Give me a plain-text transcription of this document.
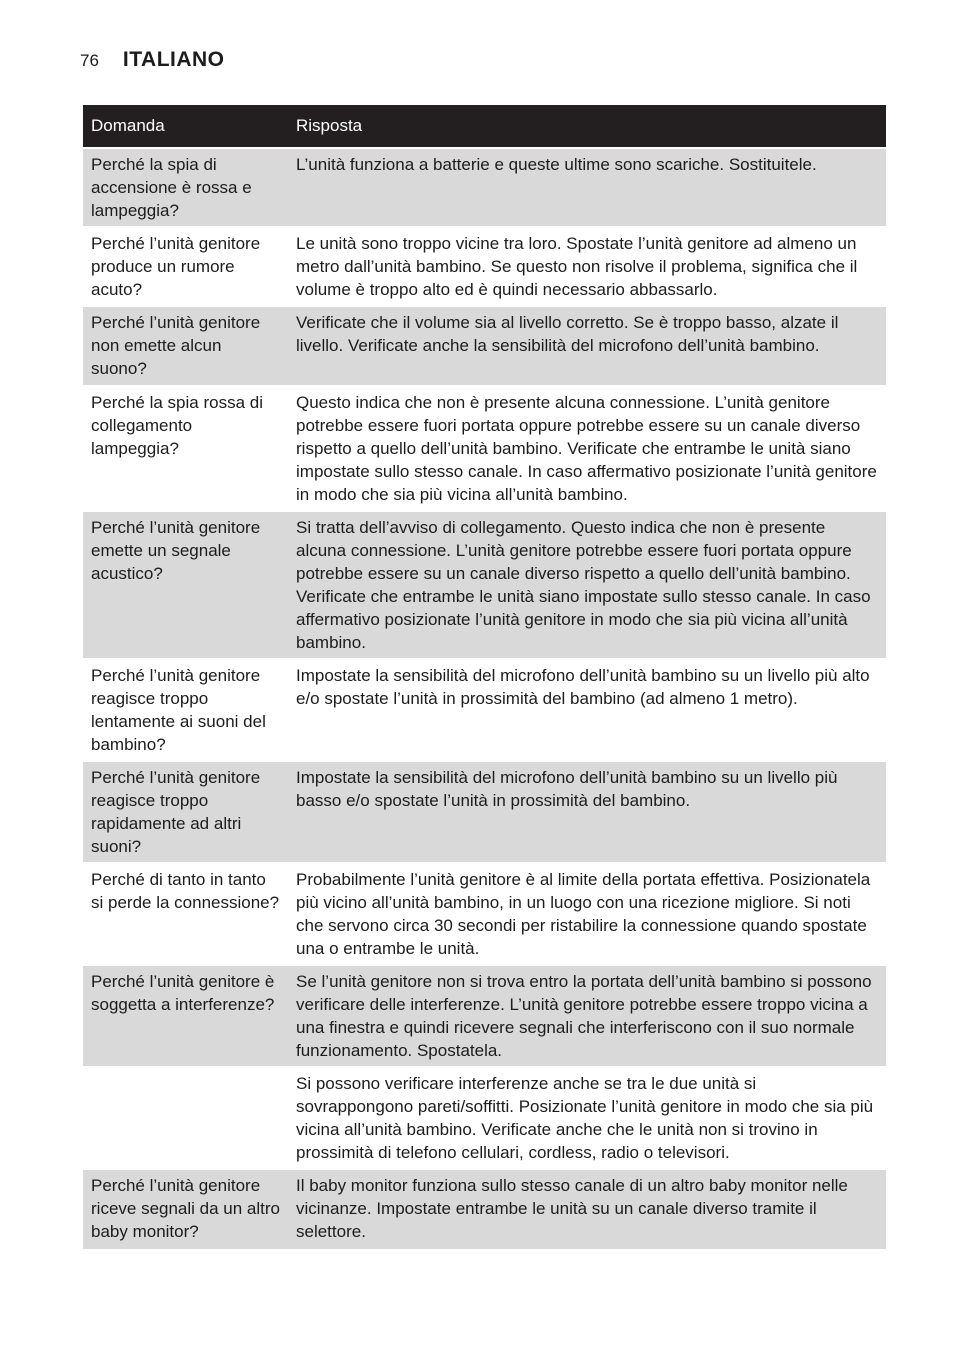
76 ITALIANO
Domanda	Risposta
Perché la spia di accensione è rossa e lampeggia?	L’unità funziona a batterie e queste ultime sono scariche. Sostituitele.
Perché l’unità genitore produce un rumore acuto?	Le unità sono troppo vicine tra loro. Spostate l’unità genitore ad almeno un metro dall’unità bambino. Se questo non risolve il problema, significa che il volume è troppo alto ed è quindi necessario abbassarlo.
Perché l’unità genitore non emette alcun suono?	Verificate che il volume sia al livello corretto. Se è troppo basso, alzate il livello. Verificate anche la sensibilità del microfono dell’unità bambino.
Perché la spia rossa di collegamento lampeggia?	Questo indica che non è presente alcuna connessione. L’unità genitore potrebbe essere fuori portata oppure potrebbe essere su un canale diverso rispetto a quello dell’unità bambino. Verificate che entrambe le unità siano impostate sullo stesso canale. In caso affermativo posizionate l’unità genitore in modo che sia più vicina all’unità bambino.
Perché l’unità genitore emette un segnale acustico?	Si tratta dell’avviso di collegamento. Questo indica che non è presente alcuna connessione. L’unità genitore potrebbe essere fuori portata oppure potrebbe essere su un canale diverso rispetto a quello dell’unità bambino. Verificate che entrambe le unità siano impostate sullo stesso canale. In caso affermativo posizionate l’unità genitore in modo che sia più vicina all’unità bambino.
Perché l’unità genitore reagisce troppo lentamente ai suoni del bambino?	Impostate la sensibilità del microfono dell’unità bambino su un livello più alto e/o spostate l’unità in prossimità del bambino (ad almeno 1 metro).
Perché l’unità genitore reagisce troppo rapidamente ad altri suoni?	Impostate la sensibilità del microfono dell’unità bambino su un livello più basso e/o spostate l’unità in prossimità del bambino.
Perché di tanto in tanto si perde la connessione?	Probabilmente l’unità genitore è al limite della portata effettiva. Posizionatela più vicino all’unità bambino, in un luogo con una ricezione migliore. Si noti che servono circa 30 secondi per ristabilire la connessione quando spostate una o entrambe le unità.
Perché l’unità genitore è soggetta a interferenze?	Se l’unità genitore non si trova entro la portata dell’unità bambino si possono verificare delle interferenze. L’unità genitore potrebbe essere troppo vicina a una finestra e quindi ricevere segnali che interferiscono con il suo normale funzionamento. Spostatela.
	Si possono verificare interferenze anche se tra le due unità si sovrappongono pareti/soffitti. Posizionate l’unità genitore in modo che sia più vicina all’unità bambino. Verificate anche che le unità non si trovino in prossimità di telefono cellulari, cordless, radio o televisori.
Perché l’unità genitore riceve segnali da un altro baby monitor?	Il baby monitor funziona sullo stesso canale di un altro baby monitor nelle vicinanze. Impostate entrambe le unità su un canale diverso tramite il selettore.
